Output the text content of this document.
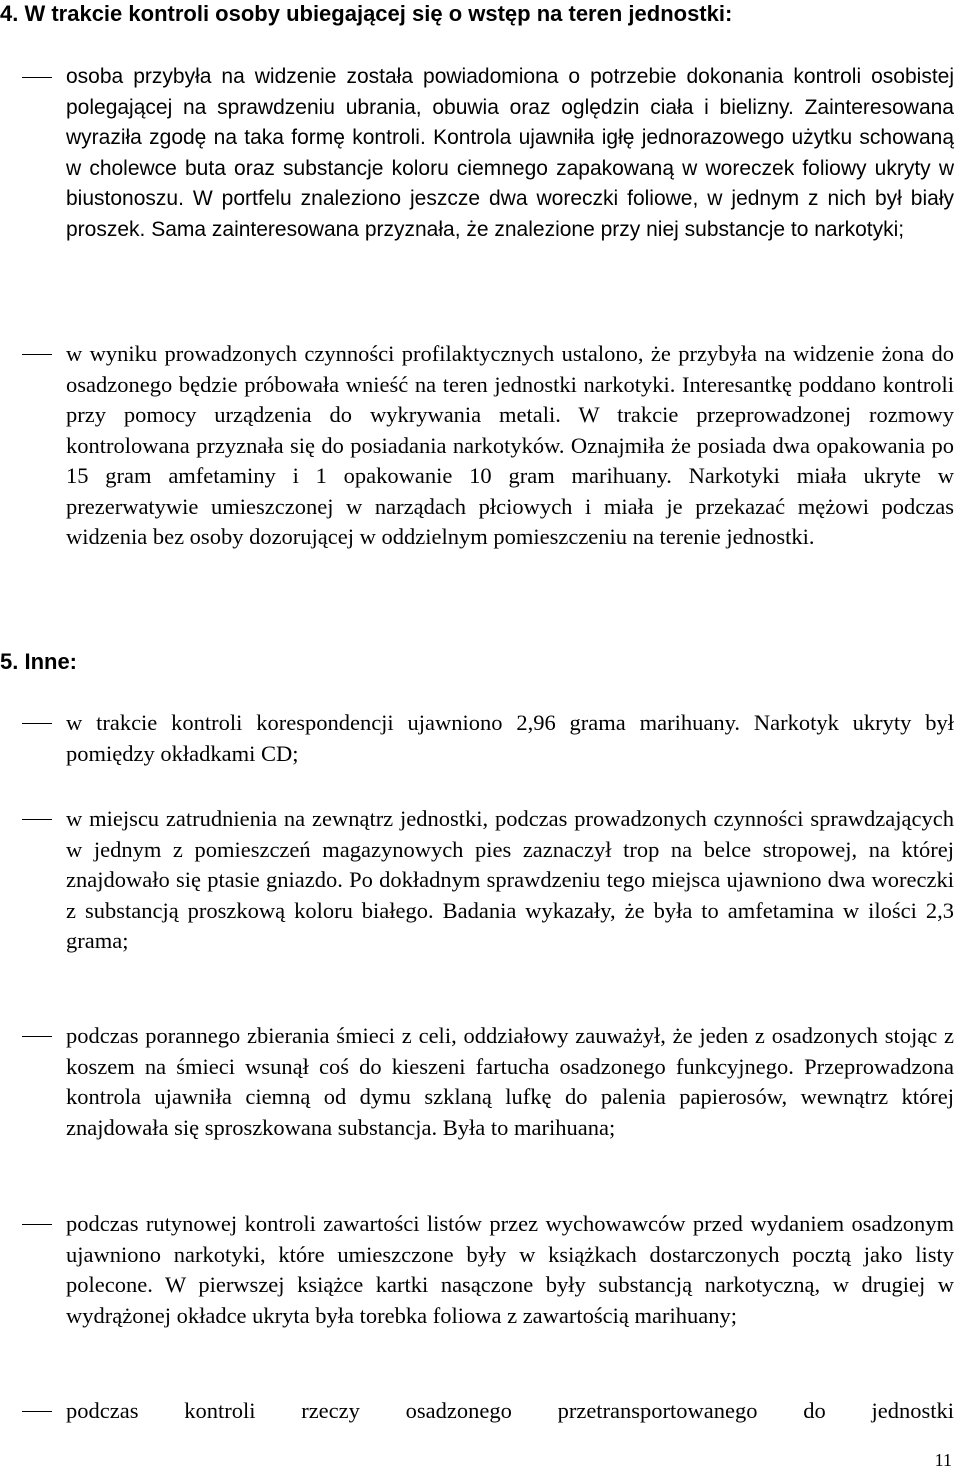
4. W trakcie kontroli osoby ubiegającej się o wstęp na teren jednostki:

osoba przybyła na widzenie została powiadomiona o potrzebie dokonania kontroli osobistej polegającej na sprawdzeniu ubrania, obuwia oraz oględzin ciała i bielizny. Zainteresowana wyraziła zgodę na taka formę kontroli. Kontrola ujawniła igłę jednorazowego użytku schowaną w cholewce buta oraz substancje koloru ciemnego zapakowaną w woreczek foliowy ukryty w biustonoszu. W portfelu znaleziono jeszcze dwa woreczki foliowe, w jednym z nich był biały proszek. Sama zainteresowana przyznała, że znalezione przy niej substancje to narkotyki;

w wyniku prowadzonych czynności profilaktycznych ustalono, że przybyła na widzenie żona do osadzonego będzie próbowała wnieść na teren jednostki narkotyki. Interesantkę poddano kontroli przy pomocy urządzenia do wykrywania metali. W trakcie przeprowadzonej rozmowy kontrolowana przyznała się do posiadania narkotyków. Oznajmiła że posiada dwa opakowania po 15 gram amfetaminy i 1 opakowanie 10 gram marihuany. Narkotyki miała ukryte w prezerwatywie umieszczonej w narządach płciowych i miała je przekazać mężowi podczas widzenia bez osoby dozorującej w oddzielnym pomieszczeniu na terenie jednostki.

5. Inne:

w trakcie kontroli korespondencji ujawniono 2,96 grama marihuany. Narkotyk ukryty był pomiędzy okładkami CD;

w miejscu zatrudnienia na zewnątrz jednostki, podczas prowadzonych czynności sprawdzających w jednym z pomieszczeń magazynowych pies zaznaczył trop na belce stropowej, na której znajdowało się ptasie gniazdo. Po dokładnym sprawdzeniu tego miejsca ujawniono dwa woreczki z substancją proszkową koloru białego. Badania wykazały, że była to amfetamina w ilości 2,3 grama;

podczas porannego zbierania śmieci z celi, oddziałowy zauważył, że jeden z osadzonych stojąc z koszem na śmieci wsunął coś do kieszeni fartucha osadzonego funkcyjnego. Przeprowadzona kontrola ujawniła ciemną od dymu szklaną lufkę do palenia papierosów, wewnątrz której znajdowała się sproszkowana substancja. Była to marihuana;

podczas rutynowej kontroli zawartości listów przez wychowawców przed wydaniem osadzonym ujawniono narkotyki, które umieszczone były w książkach dostarczonych pocztą jako listy polecone. W pierwszej książce kartki nasączone były substancją narkotyczną, w drugiej w wydrążonej okładce ukryta była torebka foliowa z zawartością marihuany;

podczas kontroli rzeczy osadzonego przetransportowanego do jednostki

11
